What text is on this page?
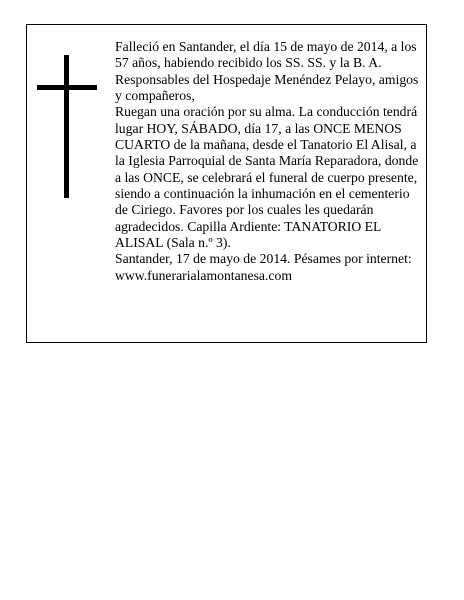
Falleció en Santander, el día 15 de mayo de 2014, a los 57 años, habiendo recibido los SS. SS. y la B. A.

Responsables del Hospedaje Menéndez Pelayo, amigos y compañeros,

Ruegan una oración por su alma. La conducción tendrá lugar HOY, SÁBADO, día 17, a las ONCE MENOS CUARTO de la mañana, desde el Tanatorio El Alisal, a la Iglesia Parroquial de Santa María Reparadora, donde a las ONCE, se celebrará el funeral de cuerpo presente, siendo a continuación la inhumación en el cementerio de Ciriego. Favores por los cuales les quedarán agradecidos. Capilla Ardiente: TANATORIO EL ALISAL (Sala n.º 3).

Santander, 17 de mayo de 2014. Pésames por internet: www.funerarialamontanesa.com
